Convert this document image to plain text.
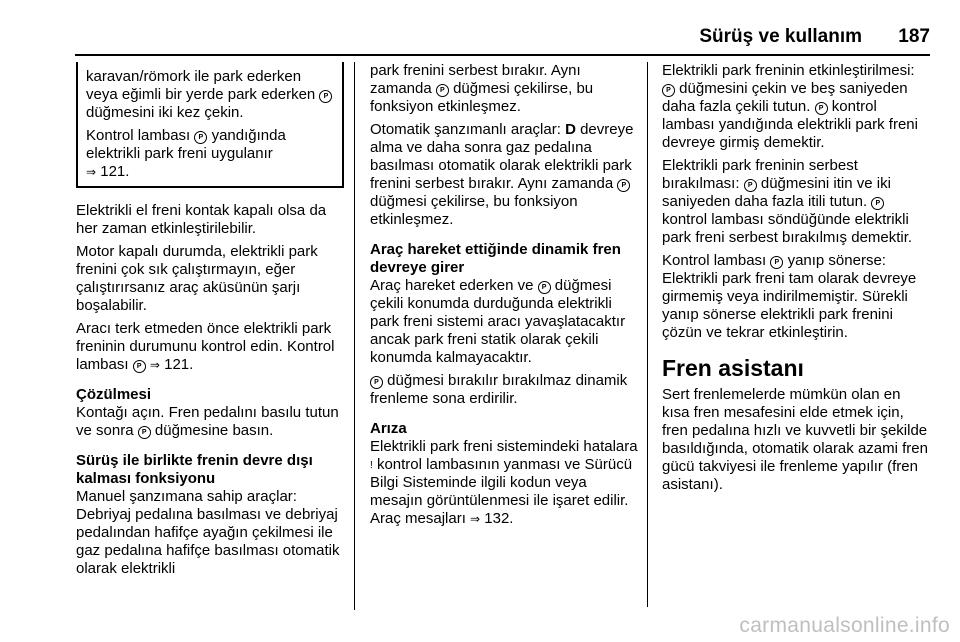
Sürüş ve kullanım 187

karavan/römork ile park ederken veya eğimli bir yerde park ederken P düğmesini iki kez çekin.

Kontrol lambası P yandığında elektrikli park freni uygulanır
⇒ 121.

Elektrikli el freni kontak kapalı olsa da her zaman etkinleştirilebilir.

Motor kapalı durumda, elektrikli park frenini çok sık çalıştırmayın, eğer çalıştırırsanız araç aküsünün şarjı boşalabilir.

Aracı terk etmeden önce elektrikli park freninin durumunu kontrol edin. Kontrol lambası P ⇒ 121.

Çözülmesi

Kontağı açın. Fren pedalını basılu tutun ve sonra P düğmesine basın.

Sürüş ile birlikte frenin devre dışı kalması fonksiyonu

Manuel şanzımana sahip araçlar: Debriyaj pedalına basılması ve debriyaj pedalından hafifçe ayağın çekilmesi ile gaz pedalına hafifçe basılması otomatik olarak elektrikli

park frenini serbest bırakır. Aynı zamanda P düğmesi çekilirse, bu fonksiyon etkinleşmez.

Otomatik şanzımanlı araçlar: D devreye alma ve daha sonra gaz pedalına basılması otomatik olarak elektrikli park frenini serbest bırakır. Aynı zamanda P düğmesi çekilirse, bu fonksiyon etkinleşmez.

Araç hareket ettiğinde dinamik fren devreye girer

Araç hareket ederken ve P düğmesi çekili konumda durduğunda elektrikli park freni sistemi aracı yavaşlatacaktır ancak park freni statik olarak çekili konumda kalmayacaktır.

P düğmesi bırakılır bırakılmaz dinamik frenleme sona erdirilir.

Arıza

Elektrikli park freni sistemindeki hatalara ! kontrol lambasının yanması ve Sürücü Bilgi Sisteminde ilgili kodun veya mesajın görüntülenmesi ile işaret edilir. Araç mesajları ⇒ 132.

Elektrikli park freninin etkinleştirilmesi: P düğmesini çekin ve beş saniyeden daha fazla çekili tutun. P kontrol lambası yandığında elektrikli park freni devreye girmiş demektir.

Elektrikli park freninin serbest bırakılması: P düğmesini itin ve iki saniyeden daha fazla itili tutun. P kontrol lambası söndüğünde elektrikli park freni serbest bırakılmış demektir.

Kontrol lambası P yanıp sönerse: Elektrikli park freni tam olarak devreye girmemiş veya indirilmemiştir. Sürekli yanıp sönerse elektrikli park frenini çözün ve tekrar etkinleştirin.

Fren asistanı

Sert frenlemelerde mümkün olan en kısa fren mesafesini elde etmek için, fren pedalına hızlı ve kuvvetli bir şekilde basıldığında, otomatik olarak azami fren gücü takviyesi ile frenleme yapılır (fren asistanı).

carmanualsonline.info
